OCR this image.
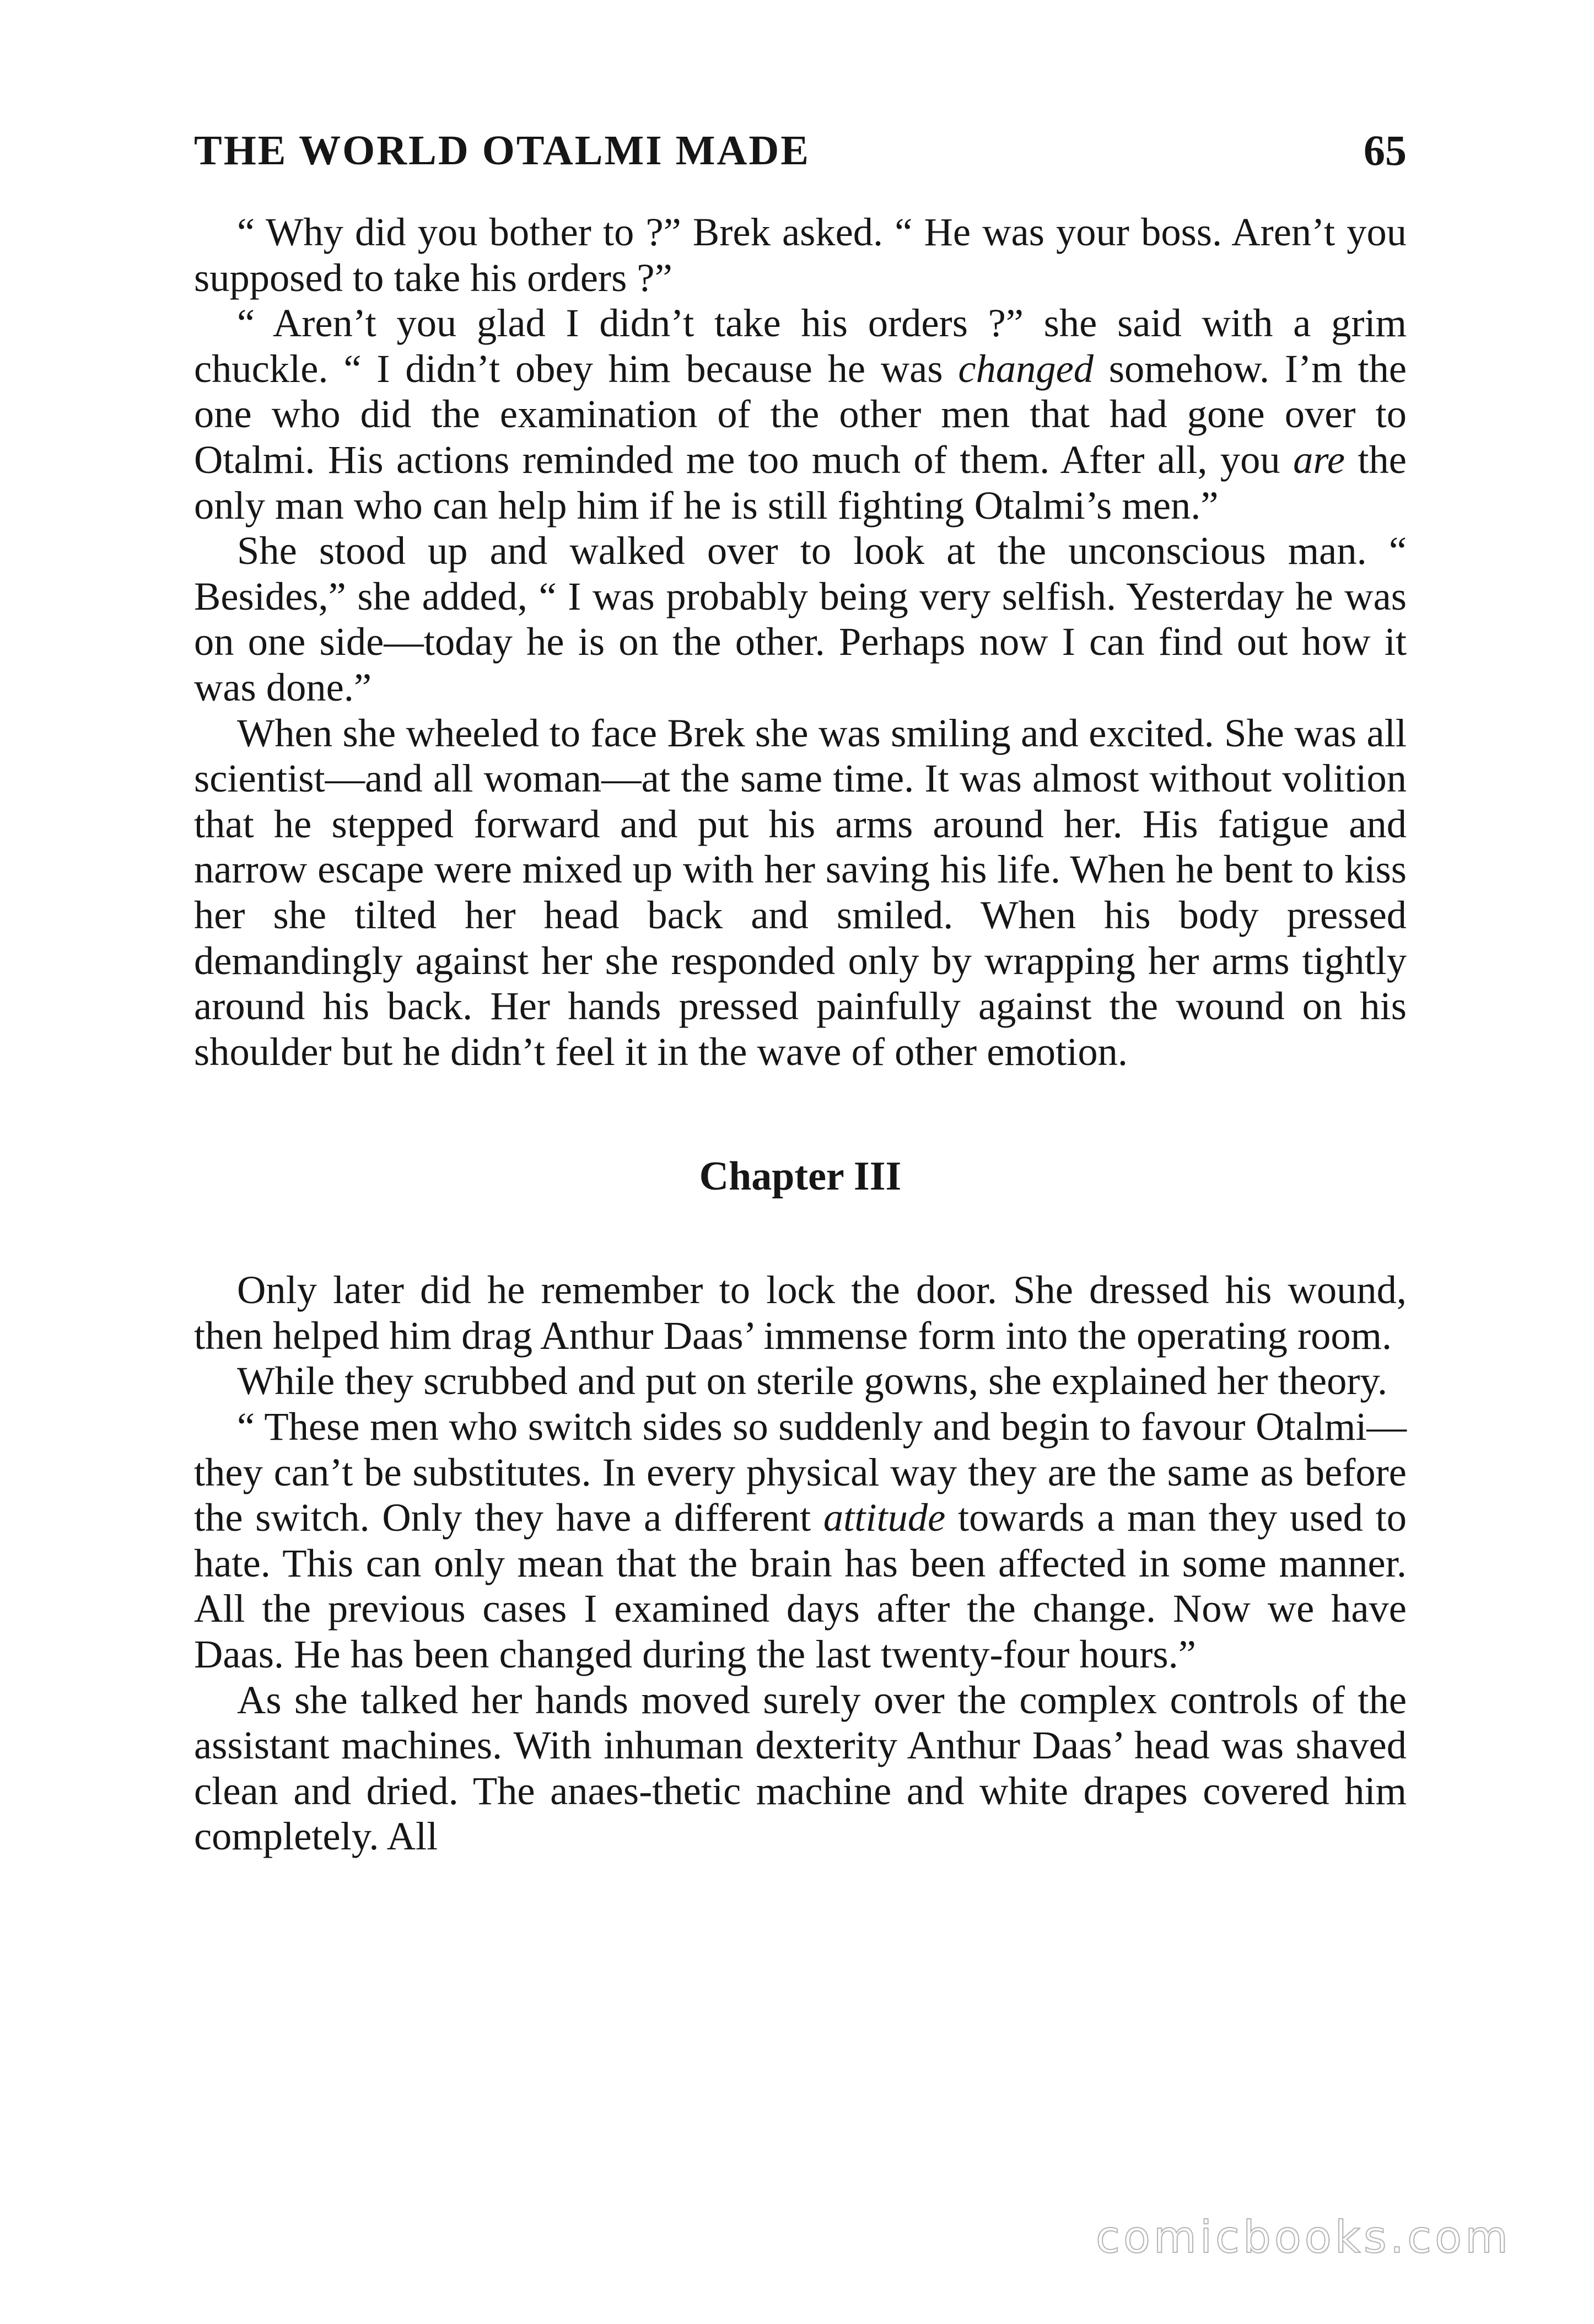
THE WORLD OTALMI MADE	65

“ Why did you bother to ?” Brek asked. “ He was your boss. Aren’t you supposed to take his orders ?”

“ Aren’t you glad I didn’t take his orders ?” she said with a grim chuckle. “ I didn’t obey him because he was changed somehow. I’m the one who did the examination of the other men that had gone over to Otalmi. His actions reminded me too much of them. After all, you are the only man who can help him if he is still fighting Otalmi’s men.”

She stood up and walked over to look at the unconscious man. “ Besides,” she added, “ I was probably being very selfish. Yesterday he was on one side—today he is on the other. Perhaps now I can find out how it was done.”

When she wheeled to face Brek she was smiling and excited. She was all scientist—and all woman—at the same time. It was almost without volition that he stepped forward and put his arms around her. His fatigue and narrow escape were mixed up with her saving his life. When he bent to kiss her she tilted her head back and smiled. When his body pressed demandingly against her she responded only by wrapping her arms tightly around his back. Her hands pressed painfully against the wound on his shoulder but he didn’t feel it in the wave of other emotion.

Chapter III

Only later did he remember to lock the door. She dressed his wound, then helped him drag Anthur Daas’ immense form into the operating room.

While they scrubbed and put on sterile gowns, she explained her theory.

“ These men who switch sides so suddenly and begin to favour Otalmi—they can’t be substitutes. In every physical way they are the same as before the switch. Only they have a different attitude towards a man they used to hate. This can only mean that the brain has been affected in some manner. All the previous cases I examined days after the change. Now we have Daas. He has been changed during the last twenty-four hours.”

As she talked her hands moved surely over the complex controls of the assistant machines. With inhuman dexterity Anthur Daas’ head was shaved clean and dried. The anaes-thetic machine and white drapes covered him completely. All

comicbooks.com
